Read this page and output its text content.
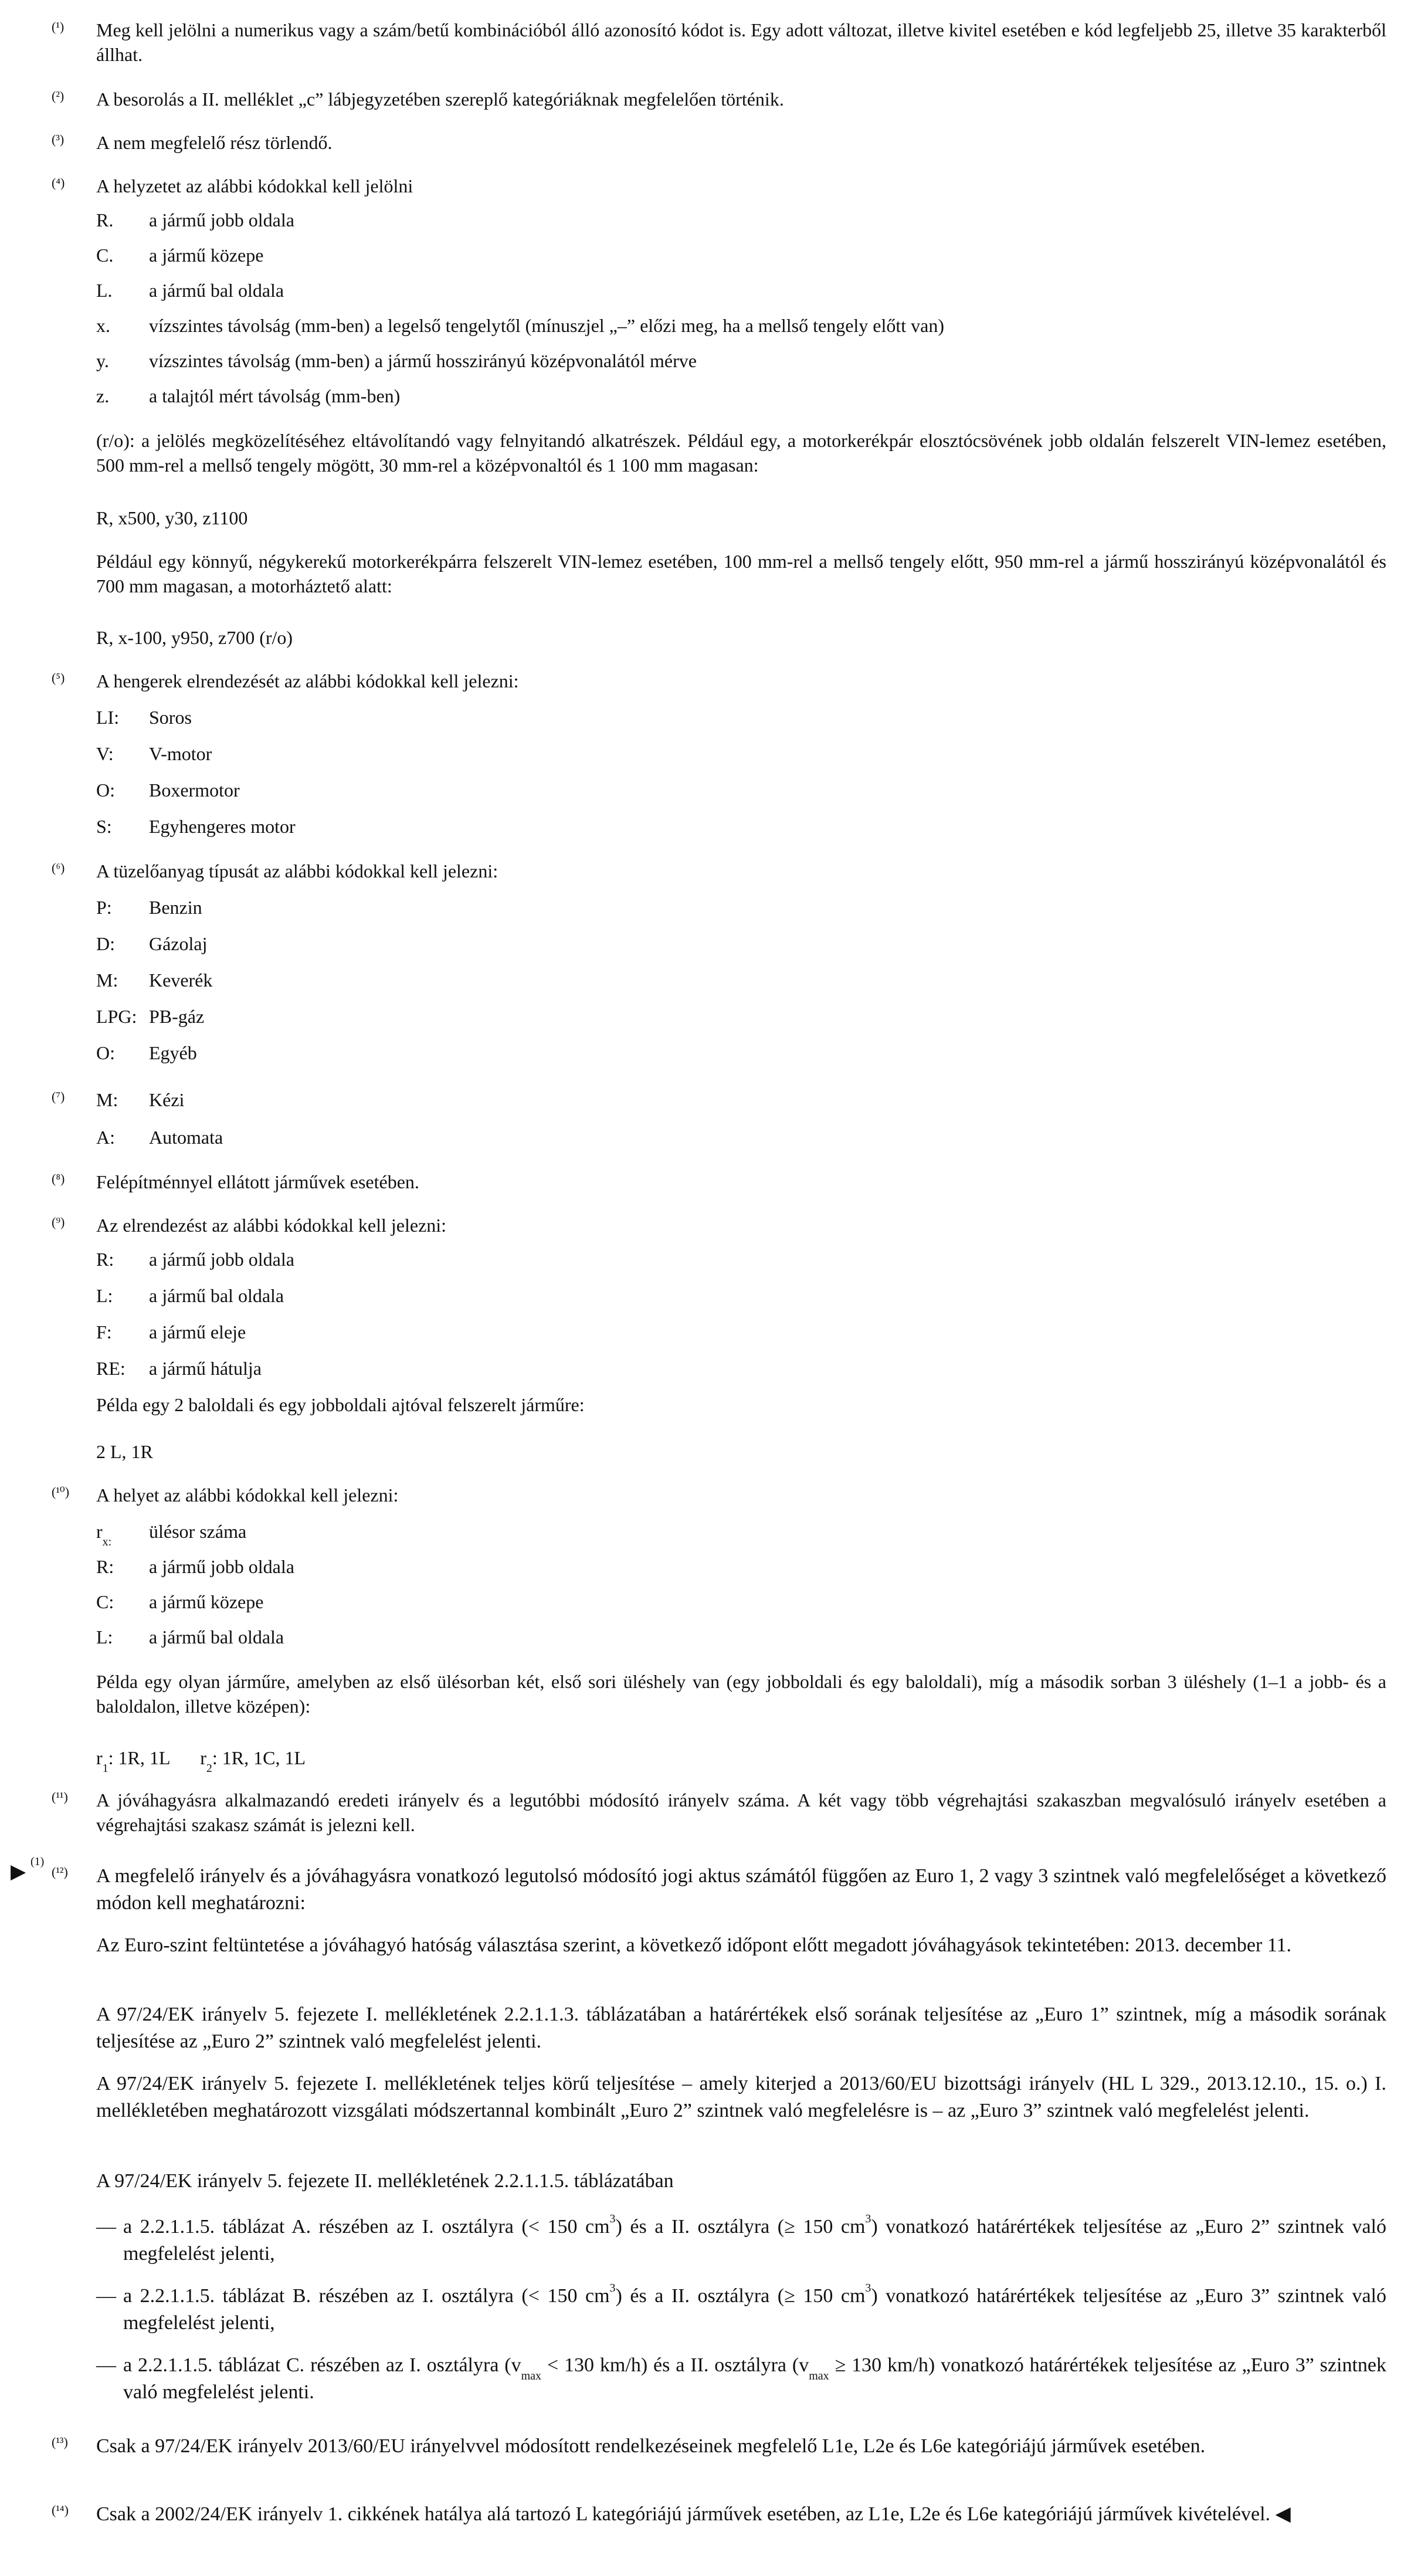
(¹) Meg kell jelölni a numerikus vagy a szám/betű kombinációból álló azonosító kódot is. Egy adott változat, illetve kivitel esetében e kód legfeljebb 25, illetve 35 karakterből állhat.

(²) A besorolás a II. melléklet „c” lábjegyzetében szereplő kategóriáknak megfelelően történik.

(³) A nem megfelelő rész törlendő.

(⁴) A helyzetet az alábbi kódokkal kell jelölni

R. a jármű jobb oldala
C. a jármű közepe
L. a jármű bal oldala
x. vízszintes távolság (mm-ben) a legelső tengelytől (mínuszjel „–” előzi meg, ha a mellső tengely előtt van)
y. vízszintes távolság (mm-ben) a jármű hosszirányú középvonalától mérve
z. a talajtól mért távolság (mm-ben)

(r/o): a jelölés megközelítéséhez eltávolítandó vagy felnyitandó alkatrészek. Például egy, a motorkerékpár elosztócsövének jobb oldalán felszerelt VIN-lemez esetében, 500 mm-rel a mellső tengely mögött, 30 mm-rel a középvonaltól és 1 100 mm magasan:

R, x500, y30, z1100

Például egy könnyű, négykerekű motorkerékpárra felszerelt VIN-lemez esetében, 100 mm-rel a mellső tengely előtt, 950 mm-rel a jármű hosszirányú középvonalától és 700 mm magasan, a motorháztető alatt:

R, x-100, y950, z700 (r/o)

(⁵) A hengerek elrendezését az alábbi kódokkal kell jelezni:

LI: Soros
V: V-motor
O: Boxermotor
S: Egyhengeres motor
(⁶) A tüzelőanyag típusát az alábbi kódokkal kell jelezni:

P: Benzin
D: Gázolaj
M: Keverék
LPG: PB-gáz
O: Egyéb
(⁷) M: Kézi
A: Automata
(⁸) Felépítménnyel ellátott járművek esetében.

(⁹) Az elrendezést az alábbi kódokkal kell jelezni:

R: a jármű jobb oldala
L: a jármű bal oldala
F: a jármű eleje
RE: a jármű hátulja

Példa egy 2 baloldali és egy jobboldali ajtóval felszerelt járműre:

2 L, 1R

(¹⁰) A helyet az alábbi kódokkal kell jelezni:

$r_{x:}$
ülésor száma
R: a jármű jobb oldala
C: a jármű közepe
L: a jármű bal oldala

Példa egy olyan járműre, amelyben az első ülésorban két, első sori üléshely van (egy jobboldali és egy baloldali), míg a második sorban 3 üléshely (1–1 a jobb- és a baloldalon, illetve középen):

$r_1$: 1R, 1L $r_2$: 1R, 1C, 1L
(¹¹) A jóváhagyásra alkalmazandó eredeti irányelv és a legutóbbi módosító irányelv száma. A két vagy több végrehajtási szakaszban megvalósuló irányelv esetében a végrehajtási szakasz számát is jelezni kell.

▶ (1)
(¹²) A megfelelő irányelv és a jóváhagyásra vonatkozó legutolsó módosító jogi aktus számától függően az Euro 1, 2 vagy 3 szintnek való megfelelőséget a következő módon kell meghatározni:

Az Euro-szint feltüntetése a jóváhagyó hatóság választása szerint, a következő időpont előtt megadott jóváhagyások tekintetében: 2013. december 11.

A 97/24/EK irányelv 5. fejezete I. mellékletének 2.2.1.1.3. táblázatában a határértékek első sorának teljesítése az „Euro 1” szintnek, míg a második sorának teljesítése az „Euro 2” szintnek való megfelelést jelenti.

A 97/24/EK irányelv 5. fejezete I. mellékletének teljes körű teljesítése – amely kiterjed a 2013/60/EU bizottsági irányelv (HL L 329., 2013.12.10., 15. o.) I. mellékletében meghatározott vizsgálati módszertannal kombinált „Euro 2” szintnek való megfelelésre is – az „Euro 3” szintnek való megfelelést jelenti.

A 97/24/EK irányelv 5. fejezete II. mellékletének 2.2.1.1.5. táblázatában

— a 2.2.1.1.5. táblázat A. részében az I. osztályra (< 150 $cm^3$) és a II. osztályra (≥ 150 $cm^3$) vonatkozó határértékek teljesítése az „Euro 2” szintnek való megfelelést jelenti,

— a 2.2.1.1.5. táblázat B. részében az I. osztályra (< 150 $cm^3$) és a II. osztályra (≥ 150 $cm^3$) vonatkozó határértékek teljesítése az „Euro 3” szintnek való megfelelést jelenti,

— a 2.2.1.1.5. táblázat C. részében az I. osztályra ($v_{max} < 130$ km/h) és a II. osztályra ($v_{max} \ge 130$ km/h) vonatkozó határértékek teljesítése az „Euro 3” szintnek való megfelelést jelenti.

(¹³) Csak a 97/24/EK irányelv 2013/60/EU irányelvvel módosított rendelkezéseinek megfelelő L1e, L2e és L6e kategóriájú járművek esetében.

(¹⁴) Csak a 2002/24/EK irányelv 1. cikkének hatálya alá tartozó L kategóriájú járművek esetében, az L1e, L2e és L6e kategóriájú járművek kivételével. ◀
